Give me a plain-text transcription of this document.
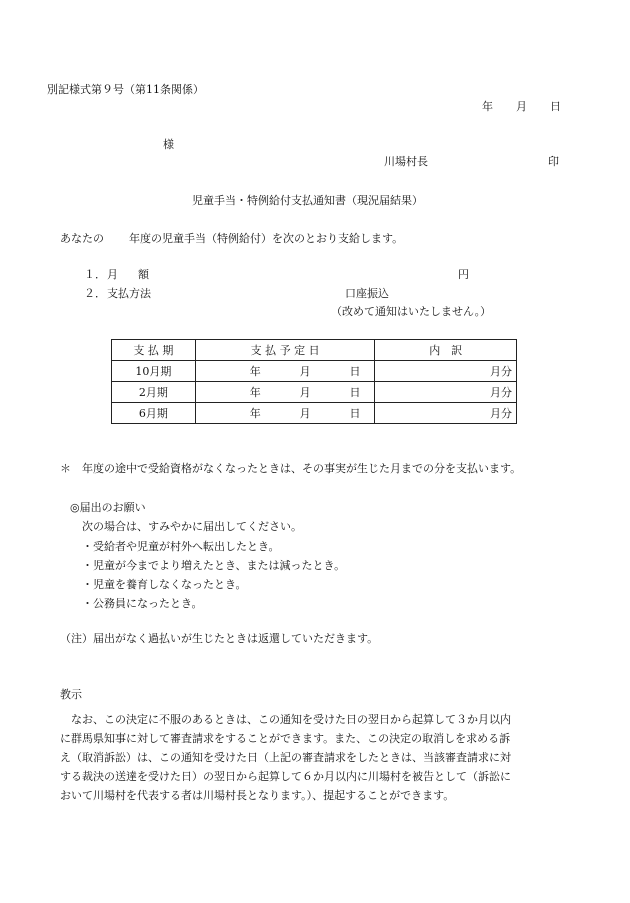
別記様式第９号（第11条関係）
年 月 日
様
川場村長	印
児童手当・特例給付支払通知書（現況届結果）
あなたの 年度の児童手当（特例給付）を次のとおり支給します。
１． 月 額	円
２． 支払方法	口座振込
（改めて通知はいたしません。）
支 払 期	支 払 予 定 日	内　訳
10月期	年 月 日	月分
2月期	年 月 日	月分
6月期	年 月 日	月分
＊ 年度の途中で受給資格がなくなったときは、その事実が生じた月までの分を支払います。
◎届出のお願い
次の場合は、すみやかに届出してください。
・受給者や児童が村外へ転出したとき。
・児童が今までより増えたとき、または減ったとき。
・児童を養育しなくなったとき。
・公務員になったとき。
（注）届出がなく過払いが生じたときは返還していただきます。
教示

なお、この決定に不服のあるときは、この通知を受けた日の翌日から起算して３か月以内に群馬県知事に対して審査請求をすることができます。また、この決定の取消しを求める訴え（取消訴訟）は、この通知を受けた日（上記の審査請求をしたときは、当該審査請求に対する裁決の送達を受けた日）の翌日から起算して６か月以内に川場村を被告として（訴訟において川場村を代表する者は川場村長となります。）、提起することができます。
